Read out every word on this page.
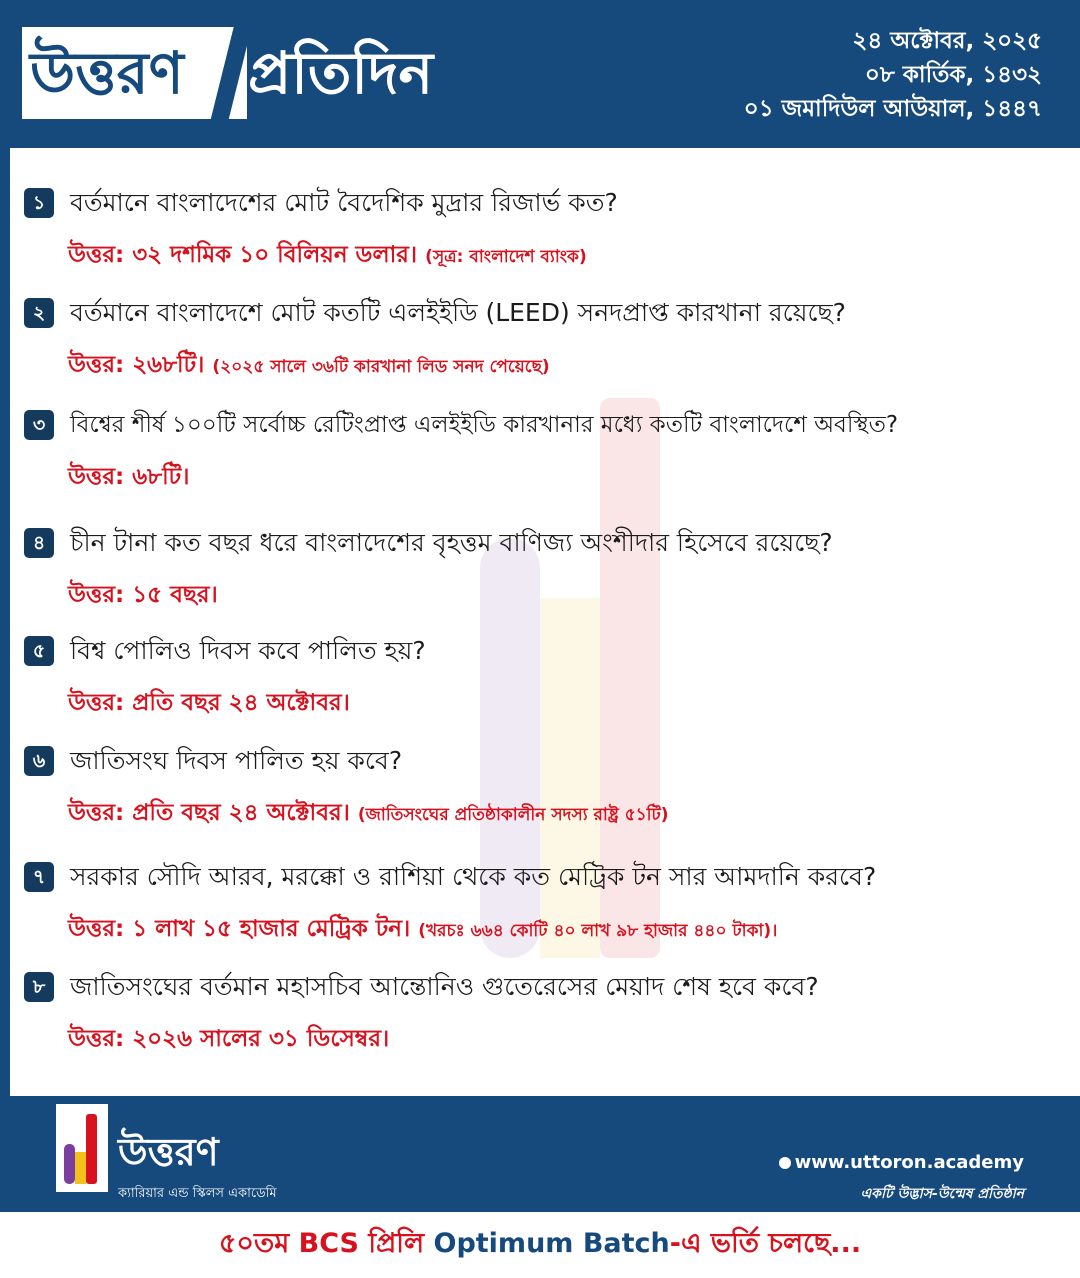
উত্তরণ প্রতিদিন	২৪ অক্টোবর, ২০২৫
০৮ কার্তিক, ১৪৩২
০১ জমাদিউল আউয়াল, ১৪৪৭
১ বর্তমানে বাংলাদেশের মোট বৈদেশিক মুদ্রার রিজার্ভ কত?
উত্তর: ৩২ দশমিক ১০ বিলিয়ন ডলার। (সূত্র: বাংলাদেশ ব্যাংক)
২ বর্তমানে বাংলাদেশে মোট কতটি এলইইডি (LEED) সনদপ্রাপ্ত কারখানা রয়েছে?
উত্তর: ২৬৮টি। (২০২৫ সালে ৩৬টি কারখানা লিড সনদ পেয়েছে)
৩	বিশ্বের শীর্ষ ১০০টি সর্বোচ্চ রেটিংপ্রাপ্ত এলইইডি কারখানার মধ্যে কতটি বাংলাদেশে অবস্থিত?
উত্তর: ৬৮টি।
৪ চীন টানা কত বছর ধরে বাংলাদেশের বৃহত্তম বাণিজ্য অংশীদার হিসেবে রয়েছে?
উত্তর: ১৫ বছর।
৫ বিশ্ব পোলিও দিবস কবে পালিত হয়?
উত্তর: প্রতি বছর ২৪ অক্টোবর।
৬ জাতিসংঘ দিবস পালিত হয় কবে?
উত্তর: প্রতি বছর ২৪ অক্টোবর। (জাতিসংঘের প্রতিষ্ঠাকালীন সদস্য রাষ্ট্র ৫১টি)
৭ সরকার সৌদি আরব, মরক্কো ও রাশিয়া থেকে কত মেট্রিক টন সার আমদানি করবে?
উত্তর: ১ লাখ ১৫ হাজার মেট্রিক টন। (খরচঃ ৬৬৪ কোটি ৪০ লাখ ৯৮ হাজার ৪৪০ টাকা)।
৮ জাতিসংঘের বর্তমান মহাসচিব আন্তোনিও গুতেরেসের মেয়াদ শেষ হবে কবে?
উত্তর: ২০২৬ সালের ৩১ ডিসেম্বর।
উত্তরণ
ক্যারিয়ার এন্ড স্কিলস একাডেমি
www.uttoron.academy
একটি উদ্ভাস-উন্মেষ প্রতিষ্ঠান
৫০তম BCS প্রিলি Optimum Batch-এ ভর্তি চলছে...
